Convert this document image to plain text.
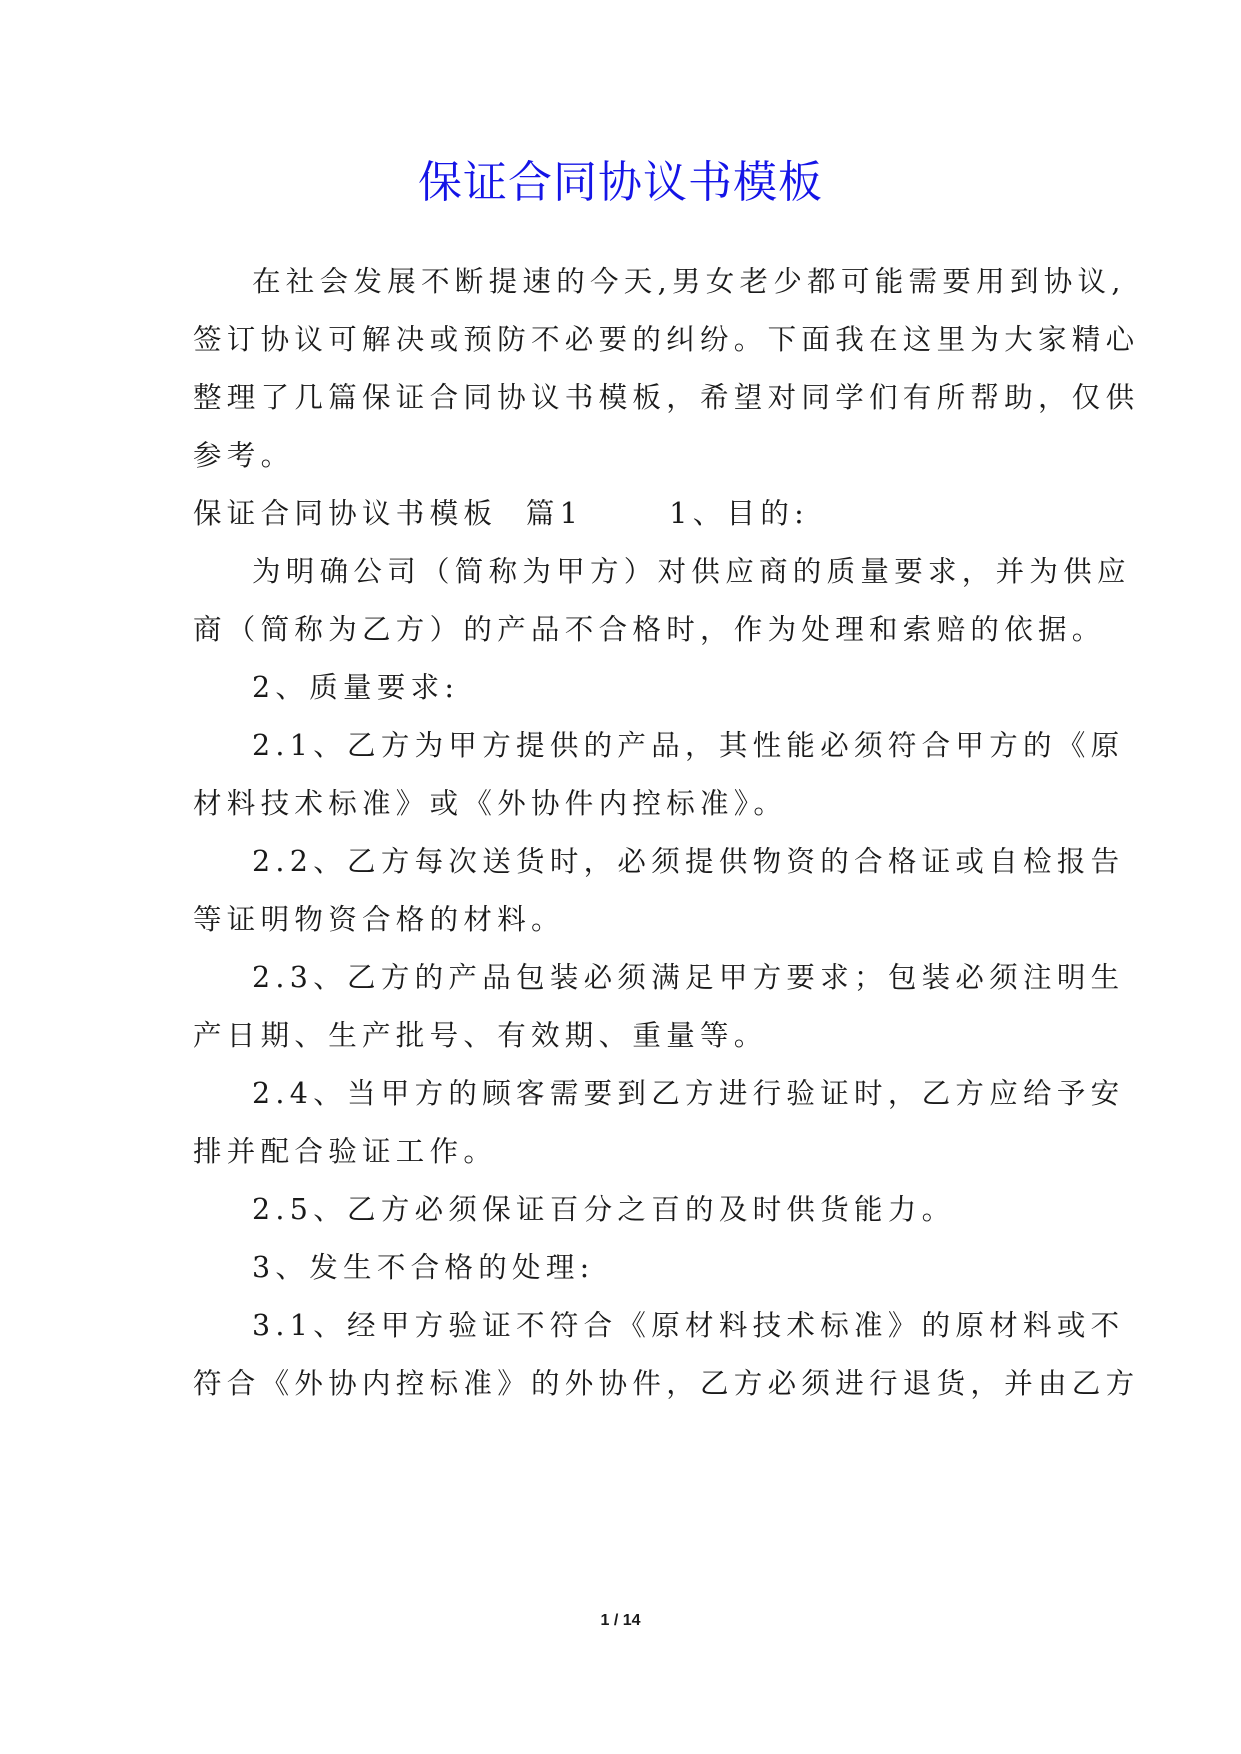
保证合同协议书模板
在社会发展不断提速的今天,男女老少都可能需要用到协议,
签订协议可解决或预防不必要的纠纷。下面我在这里为大家精心
整理了几篇保证合同协议书模板，希望对同学们有所帮助，仅供
参考。
保证合同协议书模板  篇1      1、目的:
为明确公司（简称为甲方）对供应商的质量要求，并为供应
商（简称为乙方）的产品不合格时，作为处理和索赔的依据。
2、质量要求:
2.1、乙方为甲方提供的产品，其性能必须符合甲方的《原
材料技术标准》或《外协件内控标准》。
2.2、乙方每次送货时，必须提供物资的合格证或自检报告
等证明物资合格的材料。
2.3、乙方的产品包装必须满足甲方要求；包装必须注明生
产日期、生产批号、有效期、重量等。
2.4、当甲方的顾客需要到乙方进行验证时，乙方应给予安
排并配合验证工作。
2.5、乙方必须保证百分之百的及时供货能力。
3、发生不合格的处理:
3.1、经甲方验证不符合《原材料技术标准》的原材料或不
符合《外协内控标准》的外协件，乙方必须进行退货，并由乙方
1 / 14
